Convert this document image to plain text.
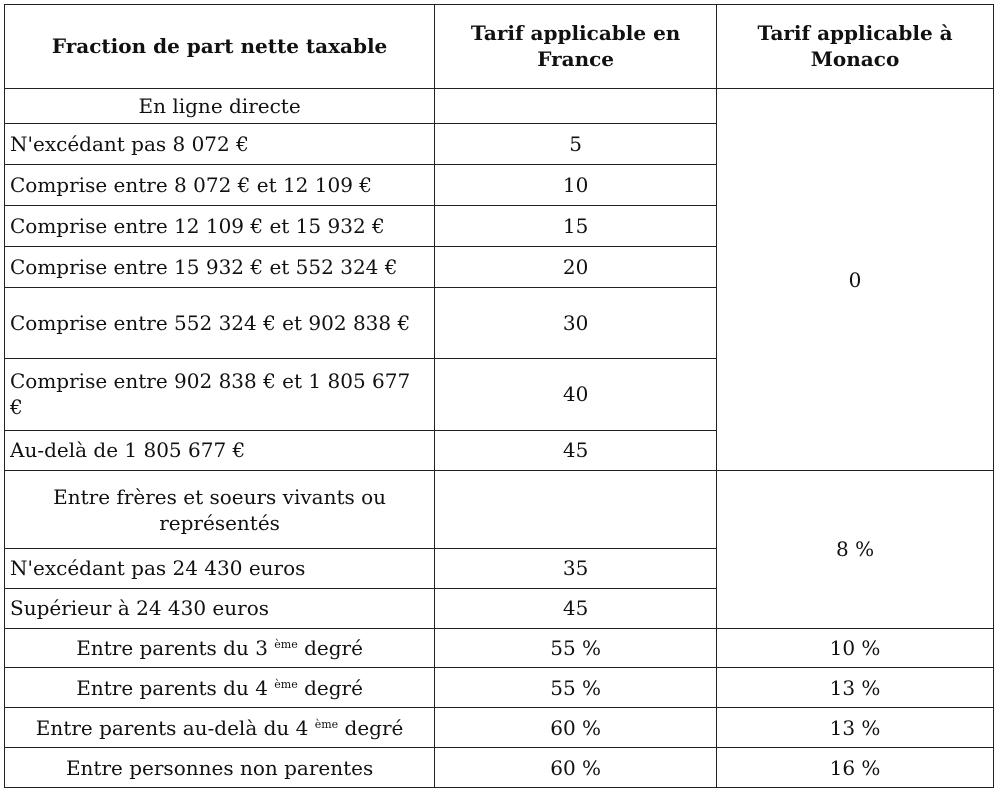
Fraction de part nette taxable	Tarif applicable en France	Tarif applicable à Monaco
En ligne directe		0
N'excédant pas 8 072 €	5	
Comprise entre 8 072 € et 12 109 €	10	
Comprise entre 12 109 € et 15 932 €	15	
Comprise entre 15 932 € et 552 324 €	20	
Comprise entre 552 324 € et 902 838 €	30	
Comprise entre 902 838 € et 1 805 677 €	40	
Au-delà de 1 805 677 €	45	
Entre frères et soeurs vivants ou représentés		8 %
N'excédant pas 24 430 euros	35	
Supérieur à 24 430 euros	45	
Entre parents du 3 $^{ème}$ degré	55 %	10 %
Entre parents du 4 $^{ème}$ degré	55 %	13 %
Entre parents au-delà du 4 $^{ème}$ degré	60 %	13 %
Entre personnes non parentes	60 %	16 %
